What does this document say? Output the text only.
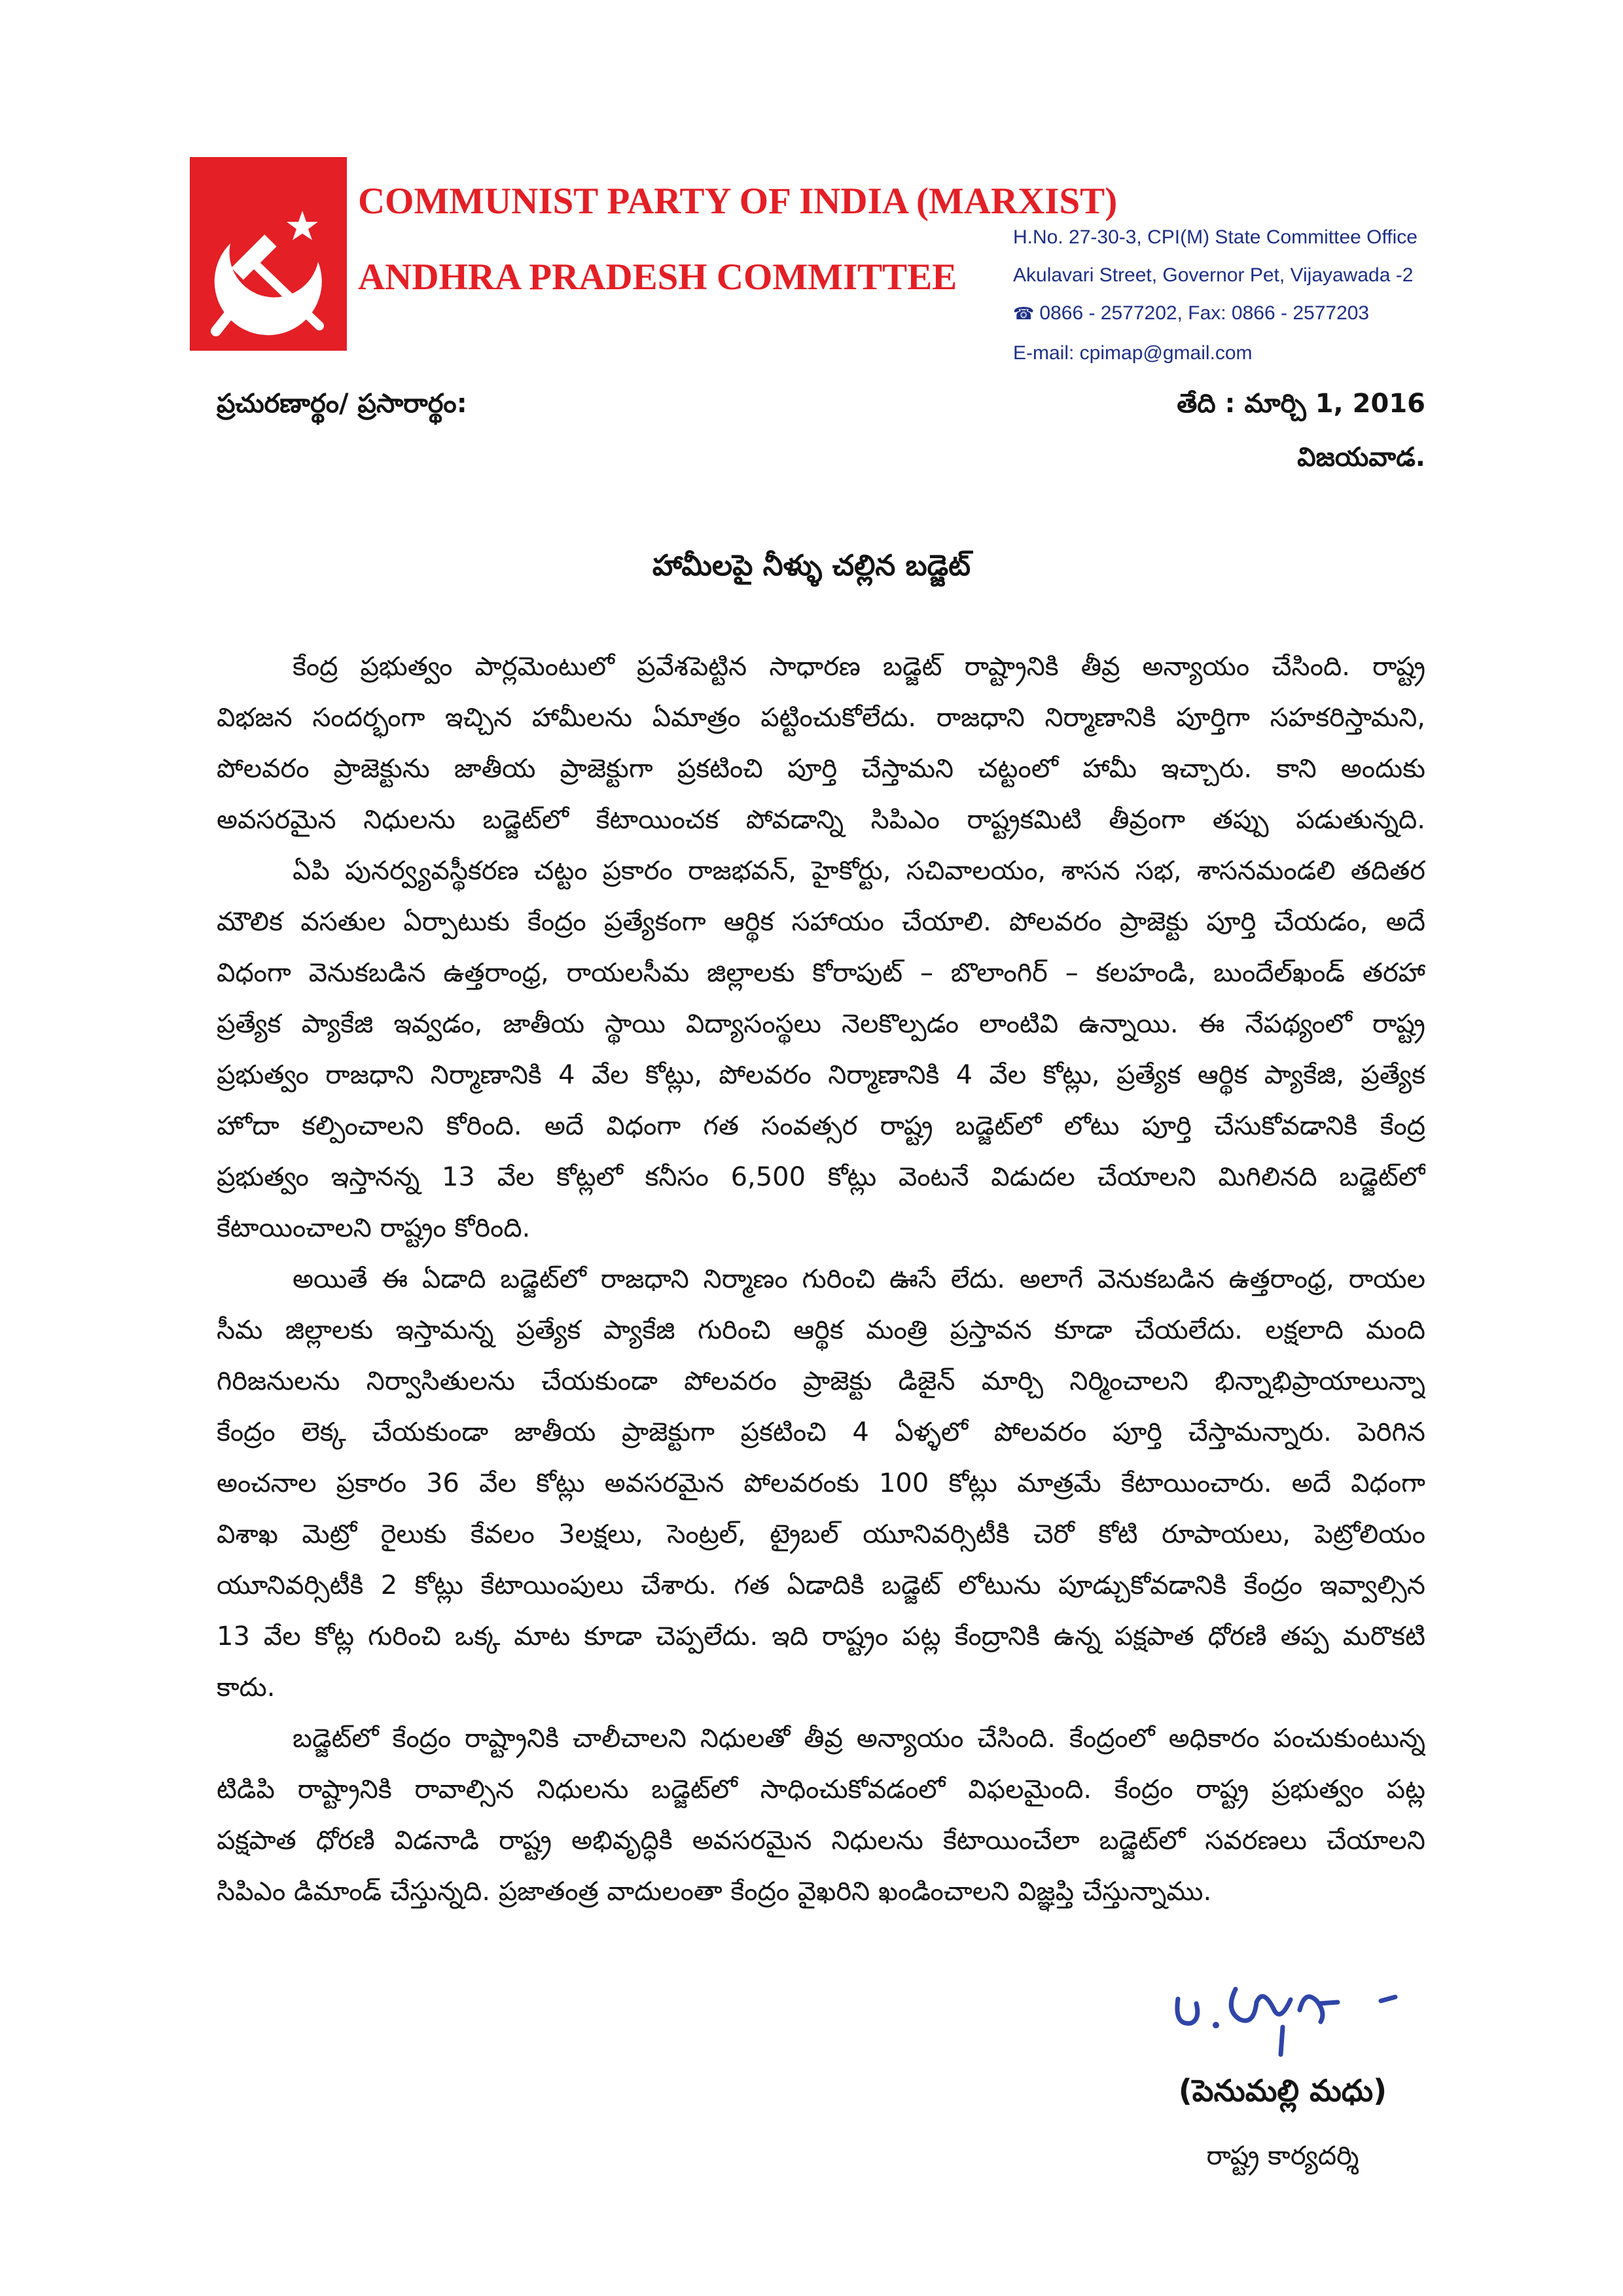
COMMUNIST PARTY OF INDIA (MARXIST)
ANDHRA PRADESH COMMITTEE
H.No. 27-30-3, CPI(M) State Committee Office
Akulavari Street, Governor Pet, Vijayawada -2
☎ 0866 - 2577202, Fax: 0866 - 2577203
E-mail: cpimap@gmail.com
ప్రచురణార్థం/ ప్రసారార్థం:	తేది : మార్చి 1, 2016
విజయవాడ.
హామీలపై నీళ్ళు చల్లిన బడ్జెట్
కేంద్ర ప్రభుత్వం పార్లమెంటులో ప్రవేశపెట్టిన సాధారణ బడ్జెట్ రాష్ట్రానికి తీవ్ర అన్యాయం చేసింది. రాష్ట్ర
విభజన సందర్భంగా ఇచ్చిన హామీలను ఏమాత్రం పట్టించుకోలేదు. రాజధాని నిర్మాణానికి పూర్తిగా సహకరిస్తామని,
పోలవరం ప్రాజెక్టును జాతీయ ప్రాజెక్టుగా ప్రకటించి పూర్తి చేస్తామని చట్టంలో హామీ ఇచ్చారు. కాని అందుకు
అవసరమైన నిధులను బడ్జెట్‌లో కేటాయించక పోవడాన్ని సిపిఎం రాష్ట్రకమిటి తీవ్రంగా తప్పు పడుతున్నది.
ఏపి పునర్వ్యవస్థీకరణ చట్టం ప్రకారం రాజభవన్, హైకోర్టు, సచివాలయం, శాసన సభ, శాసనమండలి తదితర
మౌలిక వసతుల ఏర్పాటుకు కేంద్రం ప్రత్యేకంగా ఆర్థిక సహాయం చేయాలి. పోలవరం ప్రాజెక్టు పూర్తి చేయడం, అదే
విధంగా వెనుకబడిన ఉత్తరాంధ్ర, రాయలసీమ జిల్లాలకు కోరాపుట్ – బొలాంగిర్ – కలహండి, బుందేల్‌ఖండ్ తరహా
ప్రత్యేక ప్యాకేజి ఇవ్వడం, జాతీయ స్థాయి విద్యాసంస్థలు నెలకొల్పడం లాంటివి ఉన్నాయి. ఈ నేపథ్యంలో రాష్ట్ర
ప్రభుత్వం రాజధాని నిర్మాణానికి 4 వేల కోట్లు, పోలవరం నిర్మాణానికి 4 వేల కోట్లు, ప్రత్యేక ఆర్థిక ప్యాకేజి, ప్రత్యేక
హోదా కల్పించాలని కోరింది. అదే విధంగా గత సంవత్సర రాష్ట్ర బడ్జెట్‌లో లోటు పూర్తి చేసుకోవడానికి కేంద్ర
ప్రభుత్వం ఇస్తానన్న 13 వేల కోట్లలో కనీసం 6,500 కోట్లు వెంటనే విడుదల చేయాలని మిగిలినది బడ్జెట్‌లో
కేటాయించాలని రాష్ట్రం కోరింది.
అయితే ఈ ఏడాది బడ్జెట్‌లో రాజధాని నిర్మాణం గురించి ఊసే లేదు. అలాగే వెనుకబడిన ఉత్తరాంధ్ర, రాయల
సీమ జిల్లాలకు ఇస్తామన్న ప్రత్యేక ప్యాకేజి గురించి ఆర్థిక మంత్రి ప్రస్తావన కూడా చేయలేదు. లక్షలాది మంది
గిరిజనులను నిర్వాసితులను చేయకుండా పోలవరం ప్రాజెక్టు డిజైన్ మార్చి నిర్మించాలని భిన్నాభిప్రాయాలున్నా
కేంద్రం లెక్క చేయకుండా జాతీయ ప్రాజెక్టుగా ప్రకటించి 4 ఏళ్ళలో పోలవరం పూర్తి చేస్తామన్నారు. పెరిగిన
అంచనాల ప్రకారం 36 వేల కోట్లు అవసరమైన పోలవరంకు 100 కోట్లు మాత్రమే కేటాయించారు. అదే విధంగా
విశాఖ మెట్రో రైలుకు కేవలం 3లక్షలు, సెంట్రల్, ట్రైబల్ యూనివర్సిటీకి చెరో కోటి రూపాయలు, పెట్రోలియం
యూనివర్సిటీకి 2 కోట్లు కేటాయింపులు చేశారు. గత ఏడాదికి బడ్జెట్ లోటును పూడ్చుకోవడానికి కేంద్రం ఇవ్వాల్సిన
13 వేల కోట్ల గురించి ఒక్క మాట కూడా చెప్పలేదు. ఇది రాష్ట్రం పట్ల కేంద్రానికి ఉన్న పక్షపాత ధోరణి తప్ప మరొకటి
కాదు.
బడ్జెట్‌లో కేంద్రం రాష్ట్రానికి చాలీచాలని నిధులతో తీవ్ర అన్యాయం చేసింది. కేంద్రంలో అధికారం పంచుకుంటున్న
టిడిపి రాష్ట్రానికి రావాల్సిన నిధులను బడ్జెట్‌లో సాధించుకోవడంలో విఫలమైంది. కేంద్రం రాష్ట్ర ప్రభుత్వం పట్ల
పక్షపాత ధోరణి విడనాడి రాష్ట్ర అభివృద్ధికి అవసరమైన నిధులను కేటాయించేలా బడ్జెట్‌లో సవరణలు చేయాలని
సిపిఎం డిమాండ్ చేస్తున్నది. ప్రజాతంత్ర వాదులంతా కేంద్రం వైఖరిని ఖండించాలని విజ్ఞప్తి చేస్తున్నాము.
(పెనుమల్లి మధు)
రాష్ట్ర కార్యదర్శి
